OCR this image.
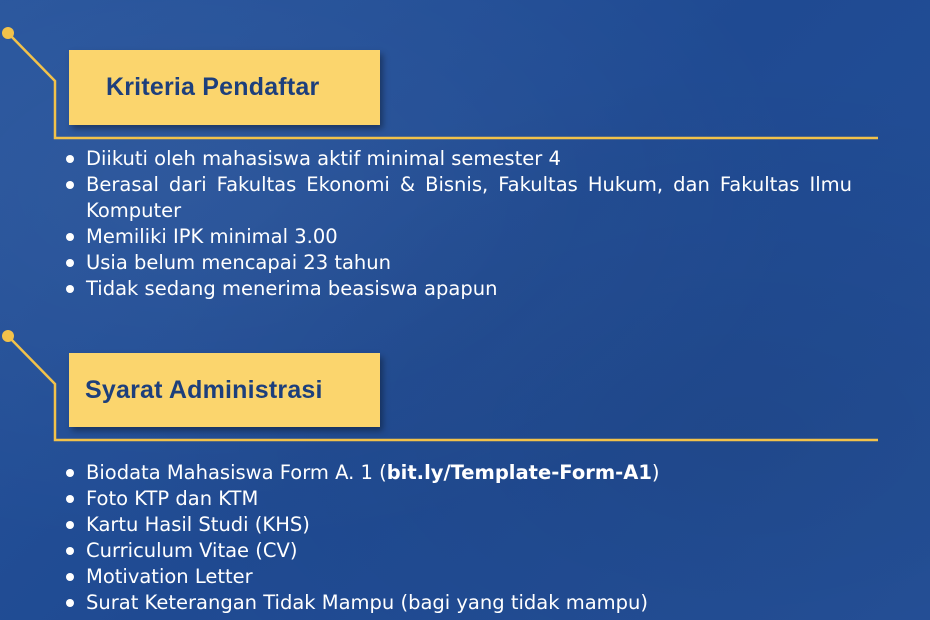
Kriteria Pendaftar
Diikuti oleh mahasiswa aktif minimal semester 4
Berasal dari Fakultas Ekonomi & Bisnis, Fakultas Hukum, dan Fakultas Ilmu Komputer
Memiliki IPK minimal 3.00
Usia belum mencapai 23 tahun
Tidak sedang menerima beasiswa apapun
Syarat Administrasi
Biodata Mahasiswa Form A. 1 (bit.ly/Template-Form-A1)
Foto KTP dan KTM
Kartu Hasil Studi (KHS)
Curriculum Vitae (CV)
Motivation Letter
Surat Keterangan Tidak Mampu (bagi yang tidak mampu)
